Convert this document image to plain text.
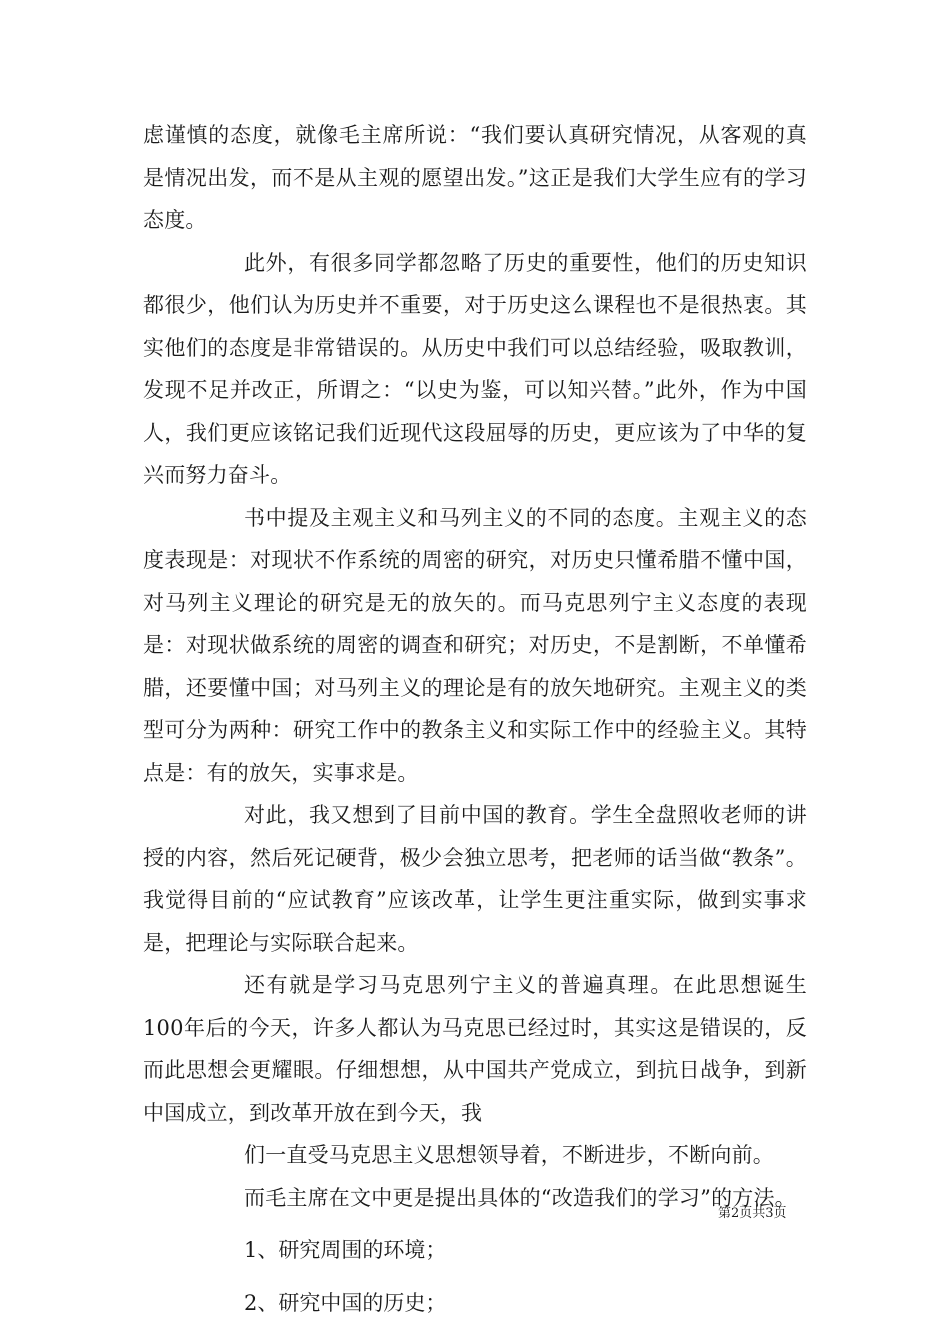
虑谨慎的态度，就像毛主席所说：“我们要认真研究情况，从客观的真是情况出发，而不是从主观的愿望出发。”这正是我们大学生应有的学习态度。

此外，有很多同学都忽略了历史的重要性，他们的历史知识都很少，他们认为历史并不重要，对于历史这么课程也不是很热衷。其实他们的态度是非常错误的。从历史中我们可以总结经验，吸取教训，发现不足并改正，所谓之：“以史为鉴，可以知兴替。”此外，作为中国人，我们更应该铭记我们近现代这段屈辱的历史，更应该为了中华的复兴而努力奋斗。

书中提及主观主义和马列主义的不同的态度。主观主义的态度表现是：对现状不作系统的周密的研究，对历史只懂希腊不懂中国，对马列主义理论的研究是无的放矢的。而马克思列宁主义态度的表现是：对现状做系统的周密的调查和研究；对历史，不是割断，不单懂希腊，还要懂中国；对马列主义的理论是有的放矢地研究。主观主义的类型可分为两种：研究工作中的教条主义和实际工作中的经验主义。其特点是：有的放矢，实事求是。

对此，我又想到了目前中国的教育。学生全盘照收老师的讲授的内容，然后死记硬背，极少会独立思考，把老师的话当做“教条”。我觉得目前的“应试教育”应该改革，让学生更注重实际，做到实事求是，把理论与实际联合起来。

还有就是学习马克思列宁主义的普遍真理。在此思想诞生100年后的今天，许多人都认为马克思已经过时，其实这是错误的，反而此思想会更耀眼。仔细想想，从中国共产党成立，到抗日战争，到新中国成立，到改革开放在到今天，我

们一直受马克思主义思想领导着，不断进步，不断向前。

而毛主席在文中更是提出具体的“改造我们的学习”的方法。

1、研究周围的环境；

2、研究中国的历史；

第2页共3页
